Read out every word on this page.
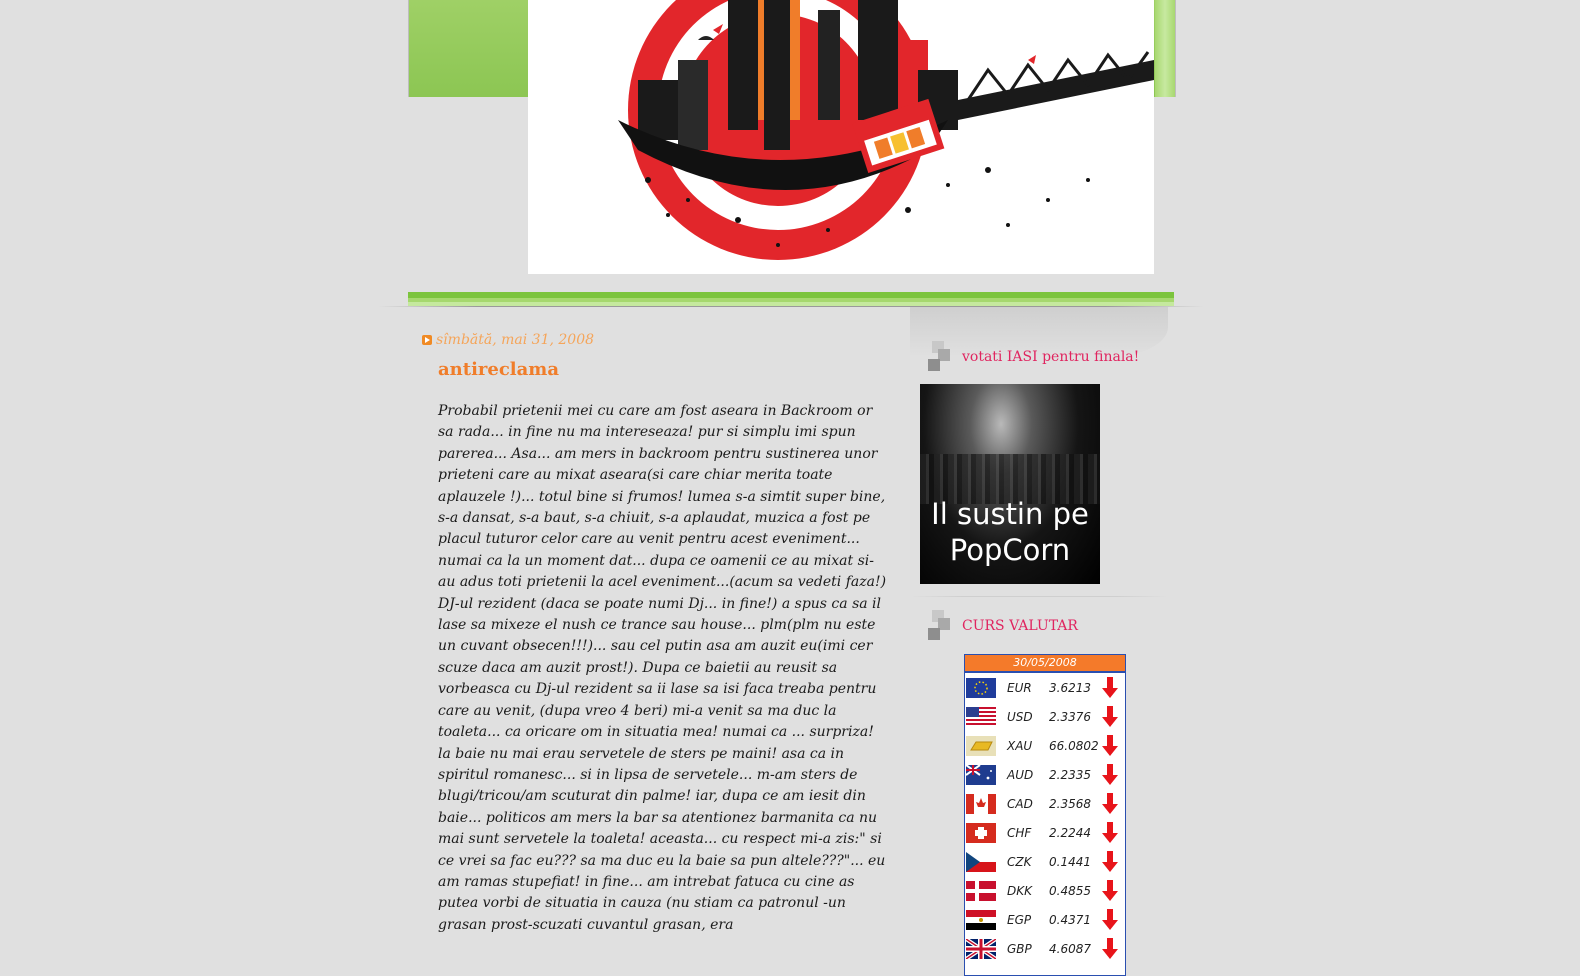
sîmbătă, mai 31, 2008
antireclama
Probabil prietenii mei cu care am fost aseara in Backroom or sa rada... in fine nu ma intereseaza! pur si simplu imi spun parerea... Asa... am mers in backroom pentru sustinerea unor prieteni care au mixat aseara(si care chiar merita toate aplauzele !)... totul bine si frumos! lumea s-a simtit super bine, s-a dansat, s-a baut, s-a chiuit, s-a aplaudat, muzica a fost pe placul tuturor celor care au venit pentru acest eveniment... numai ca la un moment dat... dupa ce oamenii ce au mixat si-au adus toti prietenii la acel eveniment...(acum sa vedeti faza!) DJ-ul rezident (daca se poate numi Dj... in fine!) a spus ca sa il lase sa mixeze el nush ce trance sau house... plm(plm nu este un cuvant obsecen!!!)... sau cel putin asa am auzit eu(imi cer scuze daca am auzit prost!). Dupa ce baietii au reusit sa vorbeasca cu Dj-ul rezident sa ii lase sa isi faca treaba pentru care au venit, (dupa vreo 4 beri) mi-a venit sa ma duc la toaleta... ca oricare om in situatia mea! numai ca ... surpriza! la baie nu mai erau servetele de sters pe maini! asa ca in spiritul romanesc... si in lipsa de servetele... m-am sters de blugi/tricou/am scuturat din palme! iar, dupa ce am iesit din baie... politicos am mers la bar sa atentionez barmanita ca nu mai sunt servetele la toaleta! aceasta... cu respect mi-a zis:" si ce vrei sa fac eu??? sa ma duc eu la baie sa pun altele???"... eu am ramas stupefiat! in fine... am intrebat fatuca cu cine as putea vorbi de situatia in cauza (nu stiam ca patronul -un grasan prost-scuzati cuvantul grasan, era
votati IASI pentru finala!
Il sustin pe PopCorn
CURS VALUTAR
30/05/2008
EUR 3.6213
USD 2.3376
XAU 66.0802
AUD 2.2335
CAD 2.3568
CHF 2.2244
CZK 0.1441
DKK 0.4855
EGP 0.4371
GBP 4.6087
